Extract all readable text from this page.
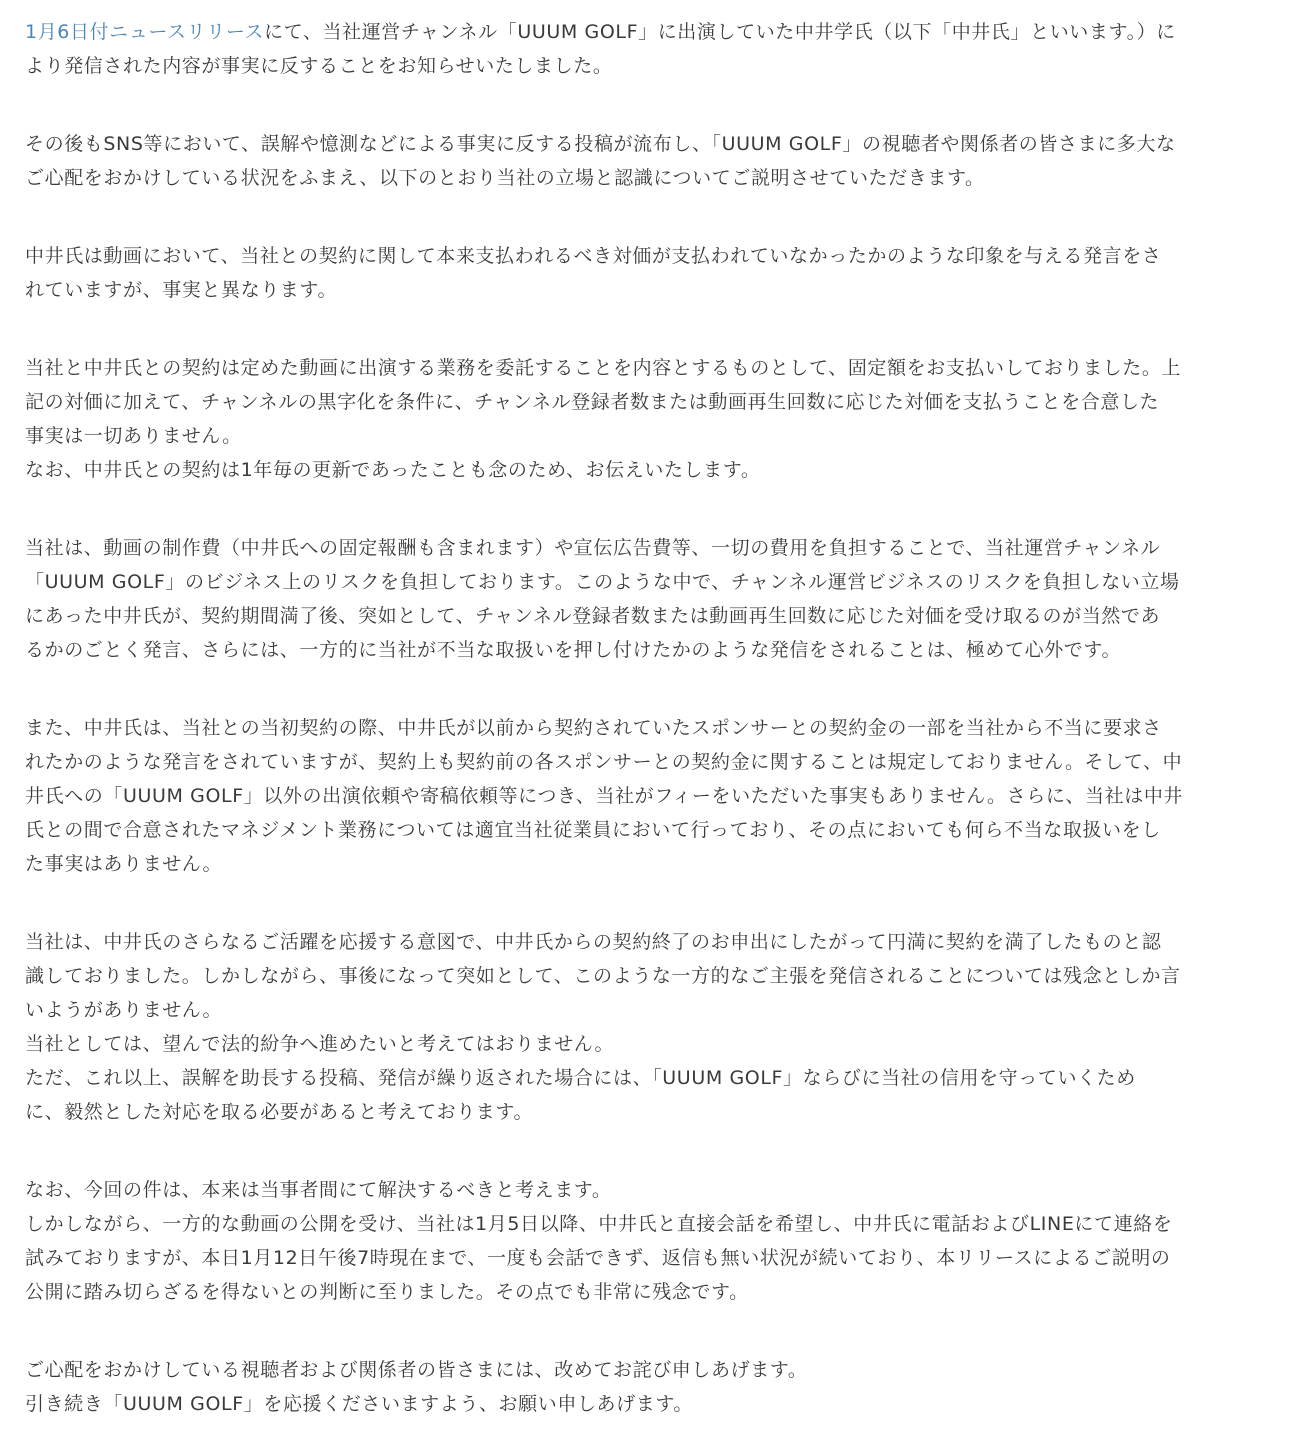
1月6日付ニュースリリースにて、当社運営チャンネル「UUUM GOLF」に出演していた中井学氏（以下「中井氏」といいます。）に
より発信された内容が事実に反することをお知らせいたしました。

その後もSNS等において、誤解や憶測などによる事実に反する投稿が流布し、「UUUM GOLF」の視聴者や関係者の皆さまに多大な
ご心配をおかけしている状況をふまえ、以下のとおり当社の立場と認識についてご説明させていただきます。

中井氏は動画において、当社との契約に関して本来支払われるべき対価が支払われていなかったかのような印象を与える発言をさ
れていますが、事実と異なります。

当社と中井氏との契約は定めた動画に出演する業務を委託することを内容とするものとして、固定額をお支払いしておりました。上
記の対価に加えて、チャンネルの黒字化を条件に、チャンネル登録者数または動画再生回数に応じた対価を支払うことを合意した
事実は一切ありません。
なお、中井氏との契約は1年毎の更新であったことも念のため、お伝えいたします。

当社は、動画の制作費（中井氏への固定報酬も含まれます）や宣伝広告費等、一切の費用を負担することで、当社運営チャンネル
「UUUM GOLF」のビジネス上のリスクを負担しております。このような中で、チャンネル運営ビジネスのリスクを負担しない立場
にあった中井氏が、契約期間満了後、突如として、チャンネル登録者数または動画再生回数に応じた対価を受け取るのが当然であ
るかのごとく発言、さらには、一方的に当社が不当な取扱いを押し付けたかのような発信をされることは、極めて心外です。

また、中井氏は、当社との当初契約の際、中井氏が以前から契約されていたスポンサーとの契約金の一部を当社から不当に要求さ
れたかのような発言をされていますが、契約上も契約前の各スポンサーとの契約金に関することは規定しておりません。そして、中
井氏への「UUUM GOLF」以外の出演依頼や寄稿依頼等につき、当社がフィーをいただいた事実もありません。さらに、当社は中井
氏との間で合意されたマネジメント業務については適宜当社従業員において行っており、その点においても何ら不当な取扱いをし
た事実はありません。

当社は、中井氏のさらなるご活躍を応援する意図で、中井氏からの契約終了のお申出にしたがって円満に契約を満了したものと認
識しておりました。しかしながら、事後になって突如として、このような一方的なご主張を発信されることについては残念としか言
いようがありません。
当社としては、望んで法的紛争へ進めたいと考えてはおりません。
ただ、これ以上、誤解を助長する投稿、発信が繰り返された場合には、「UUUM GOLF」ならびに当社の信用を守っていくため
に、毅然とした対応を取る必要があると考えております。

なお、今回の件は、本来は当事者間にて解決するべきと考えます。
しかしながら、一方的な動画の公開を受け、当社は1月5日以降、中井氏と直接会話を希望し、中井氏に電話およびLINEにて連絡を
試みておりますが、本日1月12日午後7時現在まで、一度も会話できず、返信も無い状況が続いており、本リリースによるご説明の
公開に踏み切らざるを得ないとの判断に至りました。その点でも非常に残念です。

ご心配をおかけしている視聴者および関係者の皆さまには、改めてお詫び申しあげます。
引き続き「UUUM GOLF」を応援くださいますよう、お願い申しあげます。
